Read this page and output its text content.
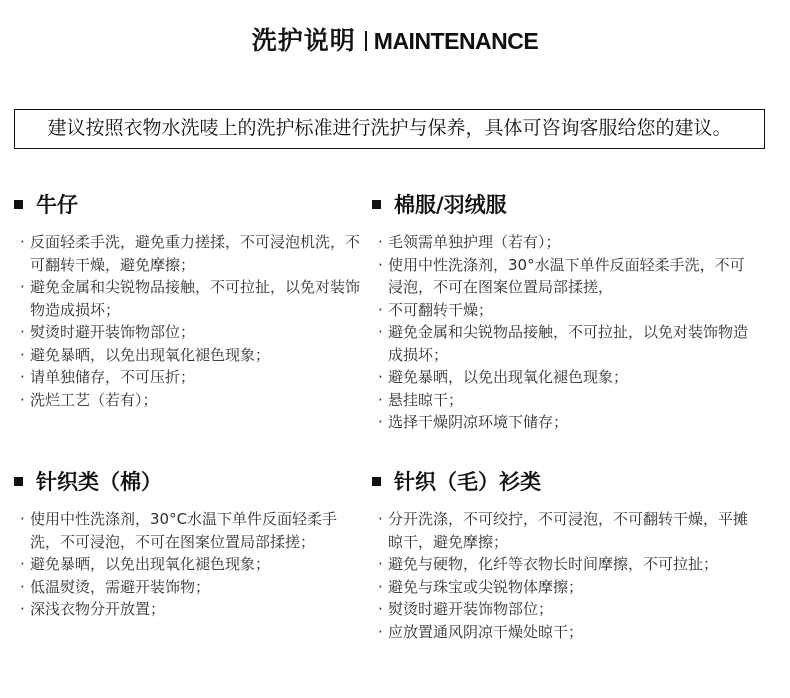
洗护说明 MAINTENANCE
建议按照衣物水洗唛上的洗护标准进行洗护与保养，具体可咨询客服给您的建议。
牛仔
· 反面轻柔手洗，避免重力搓揉，不可浸泡机洗，不可翻转干燥，避免摩擦；
· 避免金属和尖锐物品接触，不可拉扯，以免对装饰物造成损坏；
· 熨烫时避开装饰物部位；
· 避免暴晒，以免出现氧化褪色现象；
· 请单独储存，不可压折；
· 洗烂工艺（若有）；
棉服/羽绒服
· 毛领需单独护理（若有）；
· 使用中性洗涤剂，30°水温下单件反面轻柔手洗，不可浸泡，不可在图案位置局部揉搓，
· 不可翻转干燥；
· 避免金属和尖锐物品接触，不可拉扯，以免对装饰物造成损坏；
· 避免暴晒，以免出现氧化褪色现象；
· 悬挂晾干；
· 选择干燥阴凉环境下储存；
针织类（棉）
· 使用中性洗涤剂，30°C水温下单件反面轻柔手洗，不可浸泡，不可在图案位置局部揉搓；
· 避免暴晒，以免出现氧化褪色现象；
· 低温熨烫，需避开装饰物；
· 深浅衣物分开放置；
针织（毛）衫类
· 分开洗涤，不可绞拧，不可浸泡，不可翻转干燥，平摊晾干，避免摩擦；
· 避免与硬物，化纤等衣物长时间摩擦，不可拉扯；
· 避免与珠宝或尖锐物体摩擦；
· 熨烫时避开装饰物部位；
· 应放置通风阴凉干燥处晾干；
